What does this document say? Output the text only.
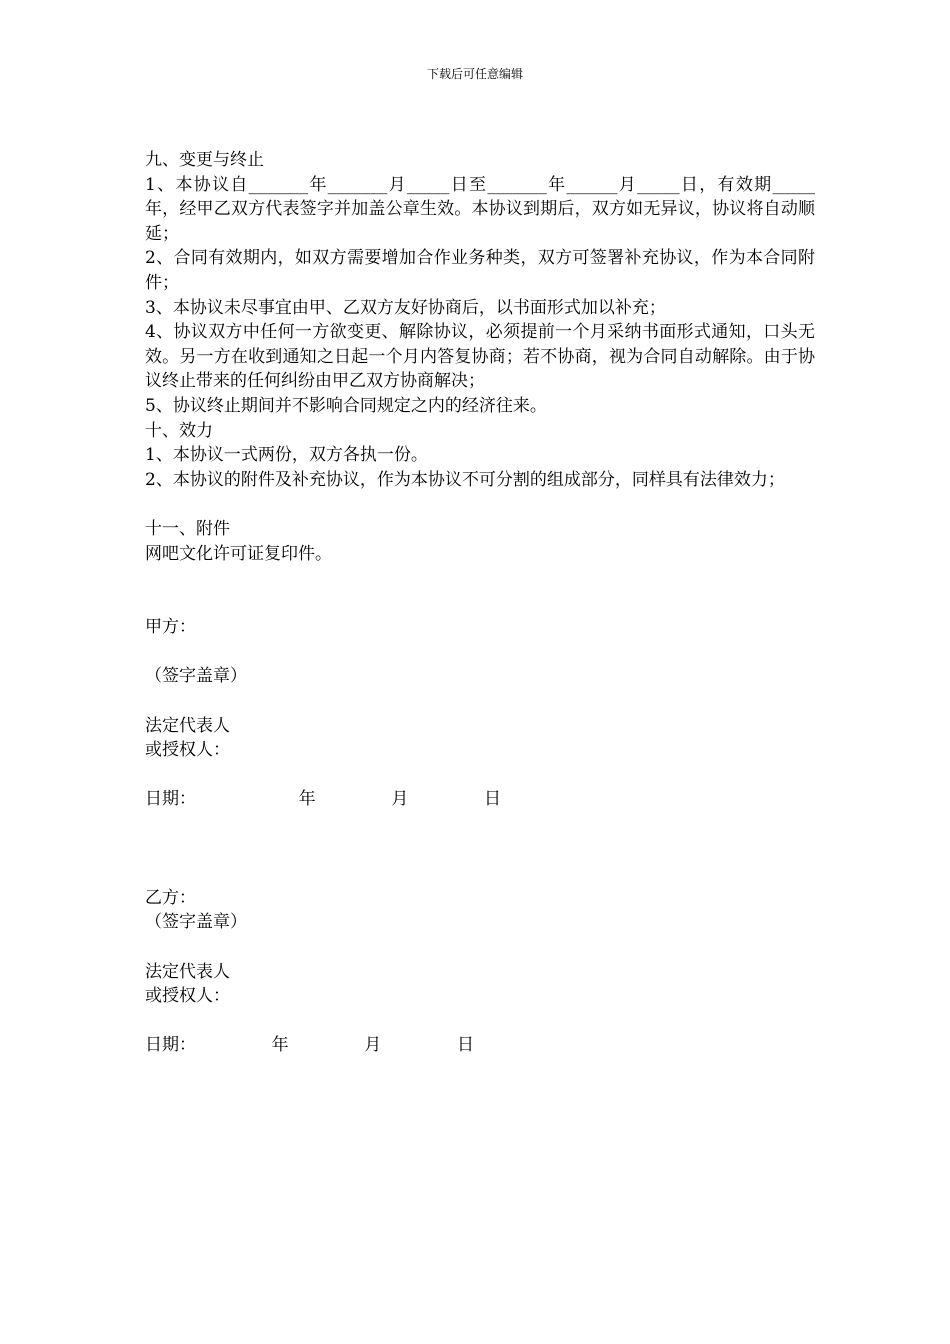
下载后可任意编辑

九、变更与终止

1、本协议自_______年_______月_____日至_______年______月_____日，有效期_____年，经甲乙双方代表签字并加盖公章生效。本协议到期后，双方如无异议，协议将自动顺延；

2、合同有效期内，如双方需要增加合作业务种类，双方可签署补充协议，作为本合同附件；

3、本协议未尽事宜由甲、乙双方友好协商后，以书面形式加以补充；

4、协议双方中任何一方欲变更、解除协议，必须提前一个月采纳书面形式通知，口头无效。另一方在收到通知之日起一个月内答复协商；若不协商，视为合同自动解除。由于协议终止带来的任何纠纷由甲乙双方协商解决；

5、协议终止期间并不影响合同规定之内的经济往来。

十、效力

1、本协议一式两份，双方各执一份。

2、本协议的附件及补充协议，作为本协议不可分割的组成部分，同样具有法律效力；

十一、附件

网吧文化许可证复印件。

甲方：

（签字盖章）

法定代表人

或授权人：

日期：                   年              月              日

乙方：

（签字盖章）

法定代表人

或授权人：

日期：              年              月              日
